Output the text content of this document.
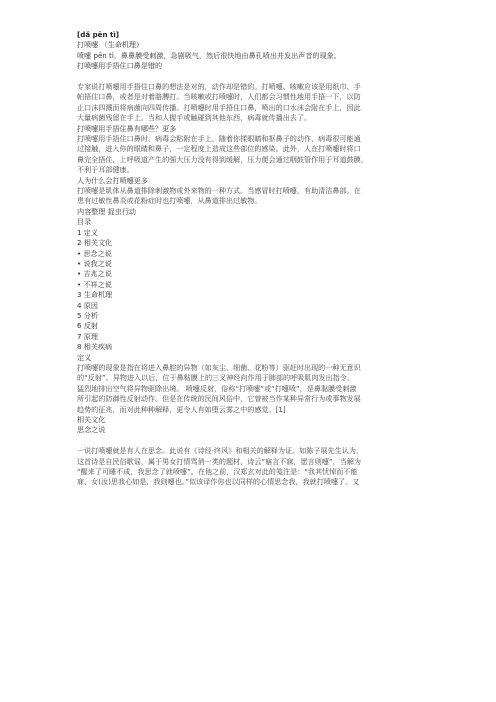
[dǎ pēn tì]
打喷嚏 （生命机理）
喷嚏 pēn tì，鼻鼻膜受刺激，急剧吸气，然后很快地由鼻孔喷出并发出声音的现象。
打喷嚏用手捂住口鼻是错的
专家说打喷嚏用手捂住口鼻的想法是对的，动作却是错的。打喷嚏、咳嗽应该是用纸巾、手
帕捂住口鼻，或者是对着胳膊打。当咳嗽或打喷嚏时，人们都会习惯性地用手捂一下，以防
止口沫四溅而将病菌向四周传播。打喷嚏时用手捂住口鼻，喷出的口水沫会附在手上，因此
大量病菌残留在手上。当和人握手或触碰到其他东西，病毒就传播出去了。
打喷嚏用手捂住鼻有哪些？更多
打喷嚏用手捂住口鼻时，病毒会粘附在手上，随着你揉眼睛和抠鼻子的动作，病毒很可能通
过接触，进入你的眼睛和鼻子，一定程度上造成这些部位的感染。此外，人在打喷嚏时将口
鼻完全捂住，上呼吸道产生的强大压力没有得到缓解，压力便会通过咽鼓管作用于耳道鼓膜，
不利于耳部健康。
人为什么会打喷嚏更多
打喷嚏是肌体从鼻道排除刺激物或外来物的一种方式。当感冒时打喷嚏，有助清洁鼻部。在
患有过敏性鼻炎或花粉症时也打喷嚏，从鼻道排出过敏物。
内容整理 捉虫行动
目录
1 定义
2 相关文化
• 思念之说
• 说我之说
• 吉兆之说
• 不祥之说
3 生命机理
4 原因
5 分析
6 反射
7 原理
8 相关疾病
定义
打喷嚏的现象是指在将进入鼻腔的异物（如灰尘、细菌、花粉等）驱赶时出现的一种无意识
的“反射”。异物进入以后，位于鼻粘膜上的三叉神经向作用于肺部的呼吸肌肉发出指令，
猛烈地排出空气将异物驱除出境。 喷嚏反射，俗称“打喷嚏”或“打嚏喷”，是鼻黏膜受刺激
所引起的防御性反射动作。但是在传统的民间风俗中，它曾被当作某种异常行为或事物发展
趋势的征兆，而对此种种解释，更令人有如堕云雾之中的感觉。[1]
相关文化
思念之说
一说打喷嚏就是有人在思念。此说有《诗经·终风》和相关的解释为证。如陈子展先生认为，
这首诗是自民俗歌谣，属于男女打情骂俏一类的题材，诗云“寤言不寐，愿言则嚏”，当解为
“醒来了可睡不成，我思念了就喷嚏”。在他之前，汉郑玄对此的笺注是：“我其忧悼而不能
寐，女(汝)思我心如是，我则嚏也。”似该译作你也以同样的心情思念我，我就打喷嚏了。又
